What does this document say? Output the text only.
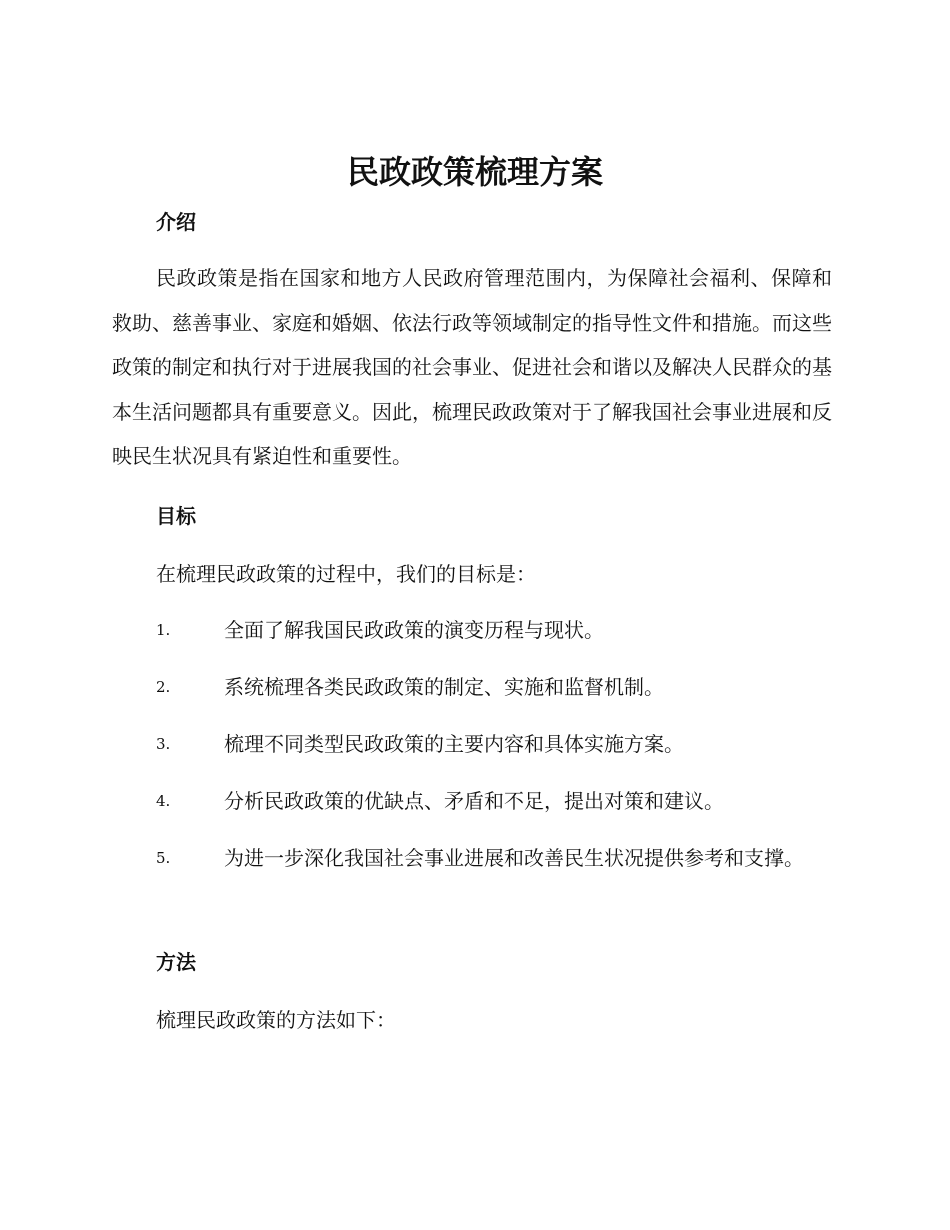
民政政策梳理方案
介绍

民政政策是指在国家和地方人民政府管理范围内，为保障社会福利、保障和救助、慈善事业、家庭和婚姻、依法行政等领域制定的指导性文件和措施。而这些政策的制定和执行对于进展我国的社会事业、促进社会和谐以及解决人民群众的基本生活问题都具有重要意义。因此，梳理民政政策对于了解我国社会事业进展和反映民生状况具有紧迫性和重要性。

目标

在梳理民政政策的过程中，我们的目标是：

1.	全面了解我国民政政策的演变历程与现状。
2.	系统梳理各类民政政策的制定、实施和监督机制。
3.	梳理不同类型民政政策的主要内容和具体实施方案。
4.	分析民政政策的优缺点、矛盾和不足，提出对策和建议。
5.	为进一步深化我国社会事业进展和改善民生状况提供参考和支撑。
方法

梳理民政政策的方法如下：
